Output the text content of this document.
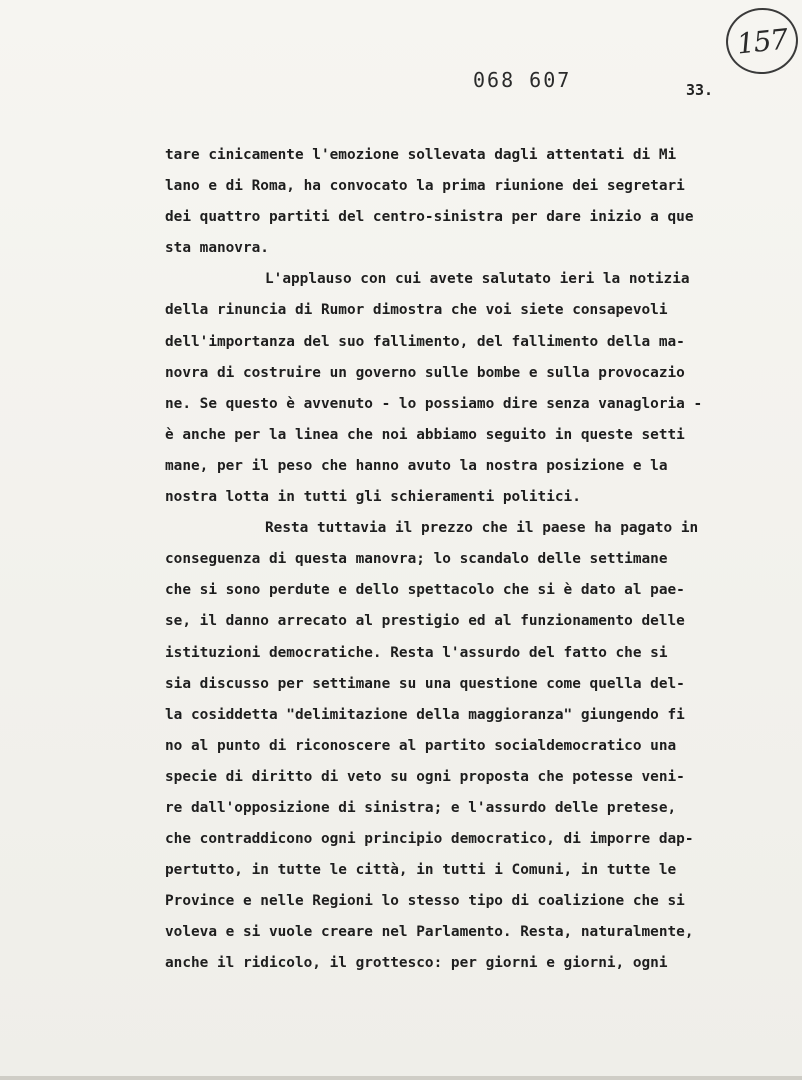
157
068 607	33.
tare cinicamente l'emozione sollevata dagli attentati di Mi
lano e di Roma, ha convocato la prima riunione dei segretari
dei quattro partiti del centro-sinistra per dare inizio a que
sta manovra.
L'applauso con cui avete salutato ieri la notizia
della rinuncia di Rumor dimostra che voi siete consapevoli
dell'importanza del suo fallimento, del fallimento della ma-
novra di costruire un governo sulle bombe e sulla provocazio
ne. Se questo è avvenuto - lo possiamo dire senza vanagloria -
è anche per la linea che noi abbiamo seguito in queste setti
mane, per il peso che hanno avuto la nostra posizione e la
nostra lotta in tutti gli schieramenti politici.
Resta tuttavia il prezzo che il paese ha pagato in
conseguenza di questa manovra; lo scandalo delle settimane
che si sono perdute e dello spettacolo che si è dato al pae-
se, il danno arrecato al prestigio ed al funzionamento delle
istituzioni democratiche. Resta l'assurdo del fatto che si
sia discusso per settimane su una questione come quella del-
la cosiddetta "delimitazione della maggioranza" giungendo fi
no al punto di riconoscere al partito socialdemocratico una
specie di diritto di veto su ogni proposta che potesse veni-
re dall'opposizione di sinistra; e l'assurdo delle pretese,
che contraddicono ogni principio democratico, di imporre dap-
pertutto, in tutte le città, in tutti i Comuni, in tutte le
Province e nelle Regioni lo stesso tipo di coalizione che si
voleva e si vuole creare nel Parlamento. Resta, naturalmente,
anche il ridicolo, il grottesco: per giorni e giorni, ogni
